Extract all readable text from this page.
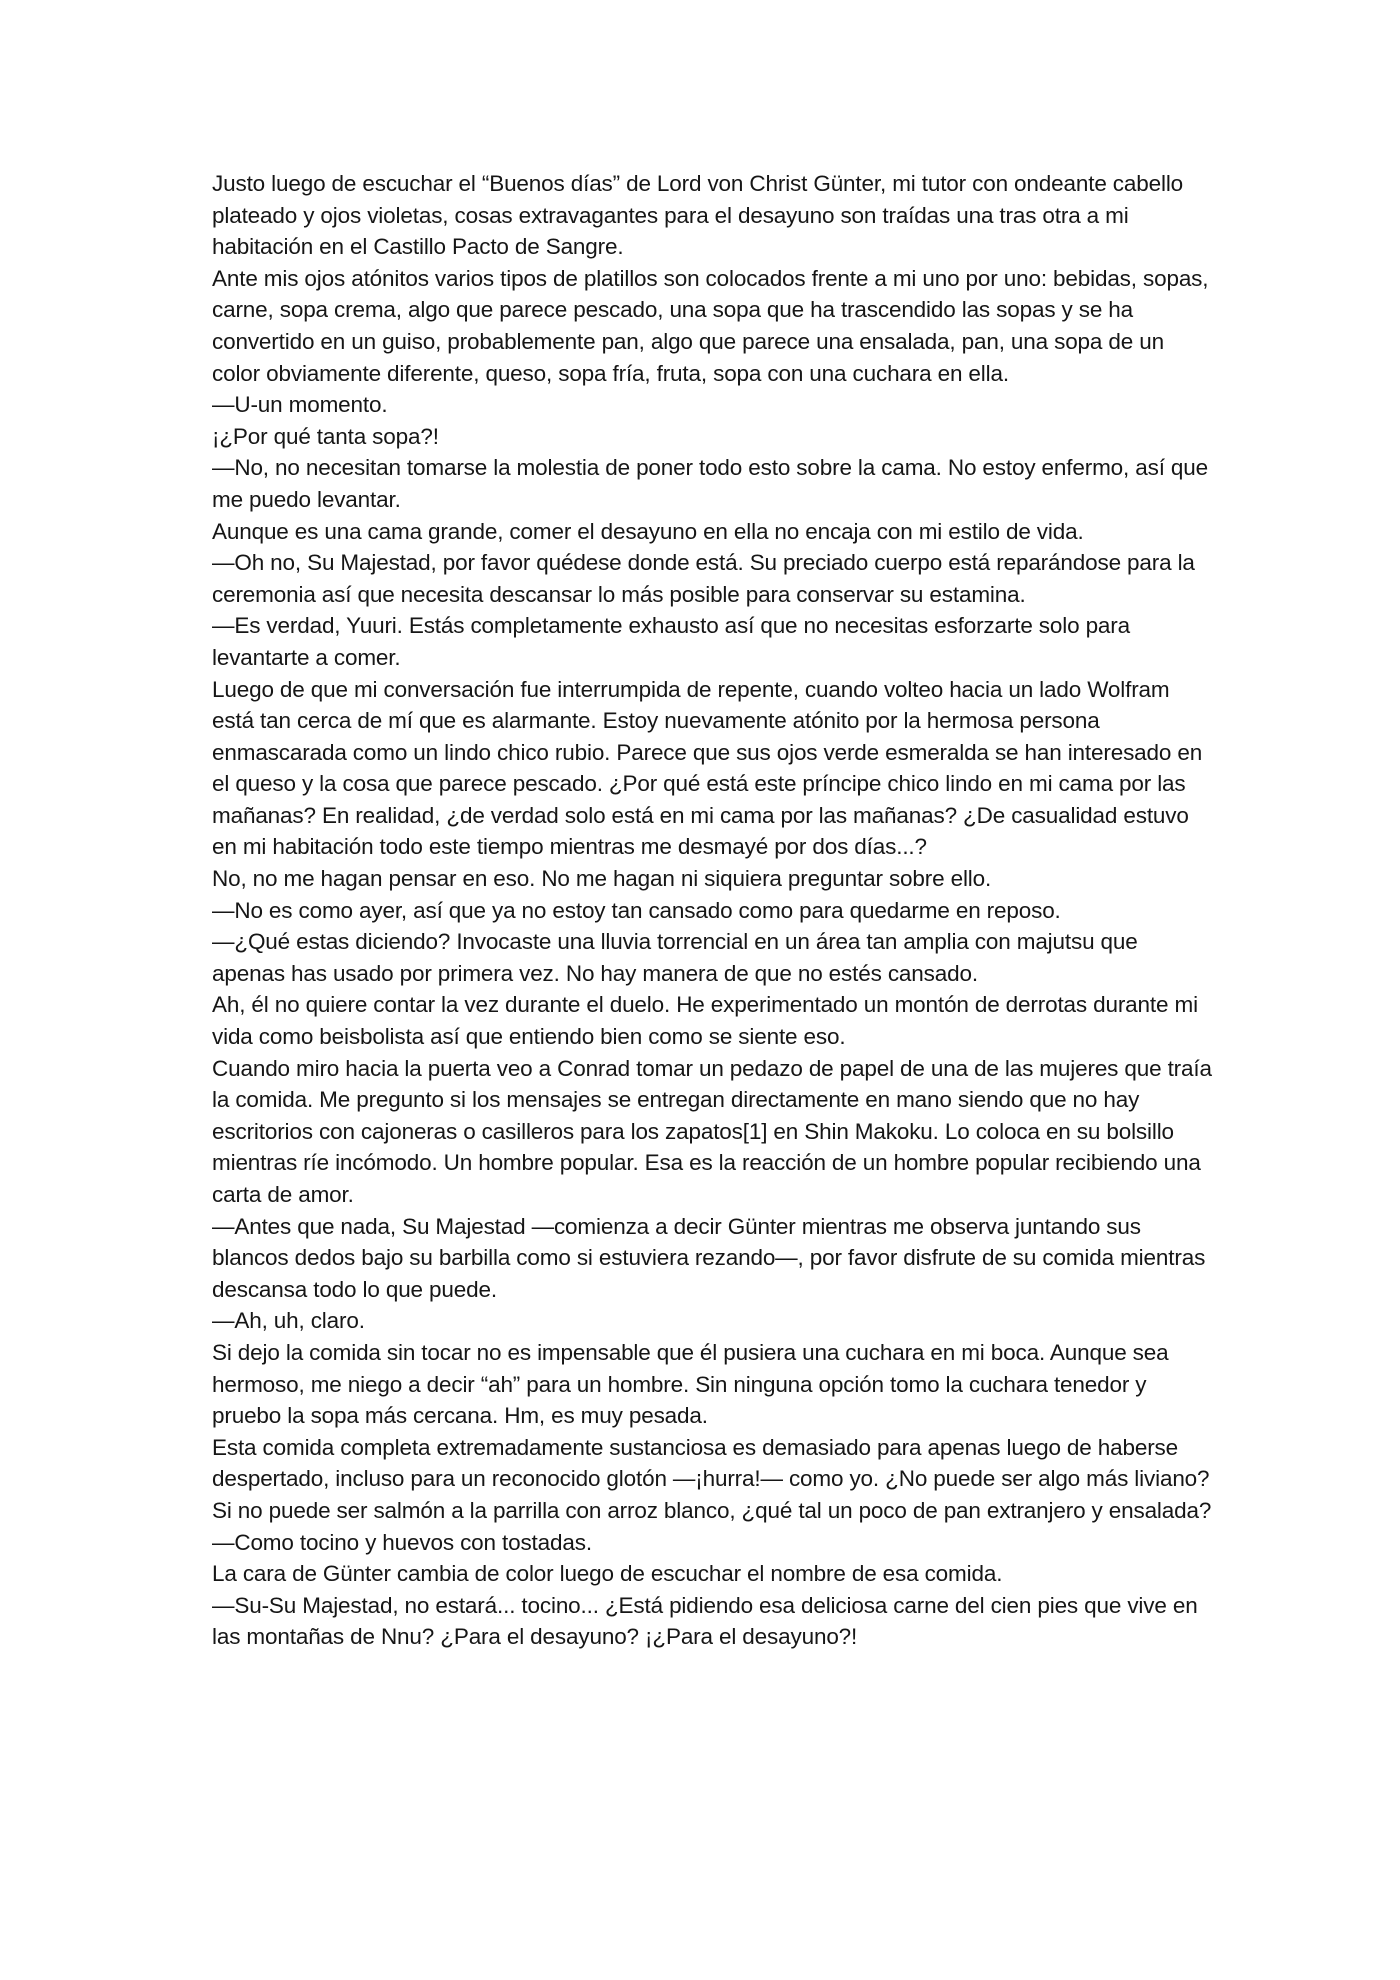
Justo luego de escuchar el “Buenos días” de Lord von Christ Günter, mi tutor con ondeante cabello plateado y ojos violetas, cosas extravagantes para el desayuno son traídas una tras otra a mi habitación en el Castillo Pacto de Sangre.

Ante mis ojos atónitos varios tipos de platillos son colocados frente a mi uno por uno: bebidas, sopas, carne, sopa crema, algo que parece pescado, una sopa que ha trascendido las sopas y se ha convertido en un guiso, probablemente pan, algo que parece una ensalada, pan, una sopa de un color obviamente diferente, queso, sopa fría, fruta, sopa con una cuchara en ella.

—U-un momento.

¡¿Por qué tanta sopa?!

—No, no necesitan tomarse la molestia de poner todo esto sobre la cama. No estoy enfermo, así que me puedo levantar.

Aunque es una cama grande, comer el desayuno en ella no encaja con mi estilo de vida.

—Oh no, Su Majestad, por favor quédese donde está. Su preciado cuerpo está reparándose para la ceremonia así que necesita descansar lo más posible para conservar su estamina.

—Es verdad, Yuuri. Estás completamente exhausto así que no necesitas esforzarte solo para levantarte a comer.

Luego de que mi conversación fue interrumpida de repente, cuando volteo hacia un lado Wolfram está tan cerca de mí que es alarmante. Estoy nuevamente atónito por la hermosa persona enmascarada como un lindo chico rubio. Parece que sus ojos verde esmeralda se han interesado en el queso y la cosa que parece pescado. ¿Por qué está este príncipe chico lindo en mi cama por las mañanas? En realidad, ¿de verdad solo está en mi cama por las mañanas? ¿De casualidad estuvo en mi habitación todo este tiempo mientras me desmayé por dos días...?

No, no me hagan pensar en eso. No me hagan ni siquiera preguntar sobre ello.

—No es como ayer, así que ya no estoy tan cansado como para quedarme en reposo.

—¿Qué estas diciendo? Invocaste una lluvia torrencial en un área tan amplia con majutsu que apenas has usado por primera vez. No hay manera de que no estés cansado.

Ah, él no quiere contar la vez durante el duelo. He experimentado un montón de derrotas durante mi vida como beisbolista así que entiendo bien como se siente eso.

Cuando miro hacia la puerta veo a Conrad tomar un pedazo de papel de una de las mujeres que traía la comida. Me pregunto si los mensajes se entregan directamente en mano siendo que no hay escritorios con cajoneras o casilleros para los zapatos[1] en Shin Makoku. Lo coloca en su bolsillo mientras ríe incómodo. Un hombre popular. Esa es la reacción de un hombre popular recibiendo una carta de amor.

—Antes que nada, Su Majestad —comienza a decir Günter mientras me observa juntando sus blancos dedos bajo su barbilla como si estuviera rezando—, por favor disfrute de su comida mientras descansa todo lo que puede.

—Ah, uh, claro.

Si dejo la comida sin tocar no es impensable que él pusiera una cuchara en mi boca. Aunque sea hermoso, me niego a decir “ah” para un hombre. Sin ninguna opción tomo la cuchara tenedor y pruebo la sopa más cercana. Hm, es muy pesada.

Esta comida completa extremadamente sustanciosa es demasiado para apenas luego de haberse despertado, incluso para un reconocido glotón —¡hurra!— como yo. ¿No puede ser algo más liviano? Si no puede ser salmón a la parrilla con arroz blanco, ¿qué tal un poco de pan extranjero y ensalada?

—Como tocino y huevos con tostadas.

La cara de Günter cambia de color luego de escuchar el nombre de esa comida.

—Su-Su Majestad, no estará... tocino... ¿Está pidiendo esa deliciosa carne del cien pies que vive en las montañas de Nnu? ¿Para el desayuno? ¡¿Para el desayuno?!
